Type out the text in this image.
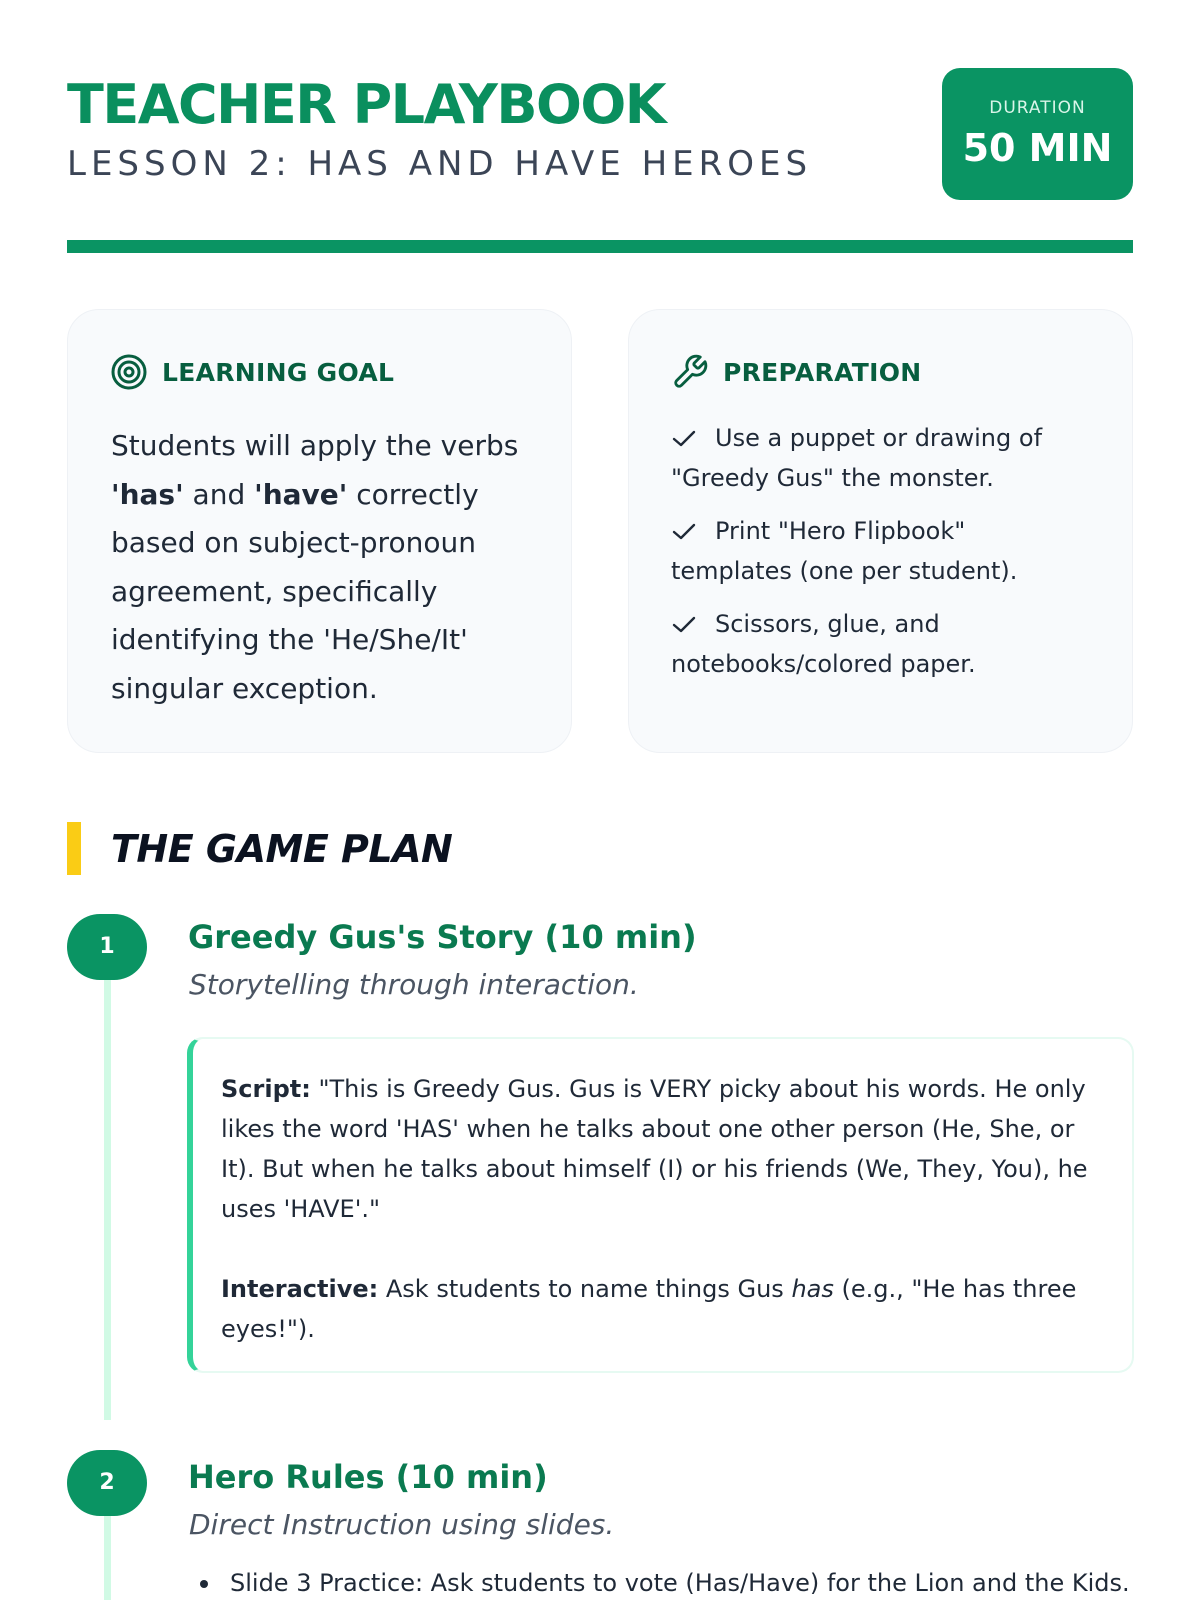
TEACHER PLAYBOOK
LESSON 2: HAS AND HAVE HEROES
DURATION
50 MIN
LEARNING GOAL

Students will apply the verbs 'has' and 'have' correctly based on subject-pronoun agreement, specifically identifying the 'He/She/It' singular exception.

PREPARATION
Use a puppet or drawing of "Greedy Gus" the monster.
Print "Hero Flipbook" templates (one per student).
Scissors, glue, and notebooks/colored paper.
THE GAME PLAN
1	Greedy Gus's Story (10 min)
Storytelling through interaction.

Script: "This is Greedy Gus. Gus is VERY picky about his words. He only likes the word 'HAS' when he talks about one other person (He, She, or It). But when he talks about himself (I) or his friends (We, They, You), he uses 'HAVE'."

Interactive: Ask students to name things Gus has (e.g., "He has three eyes!").

2	Hero Rules (10 min)
Direct Instruction using slides.
Slide 3 Practice: Ask students to vote (Has/Have) for the Lion and the Kids.
